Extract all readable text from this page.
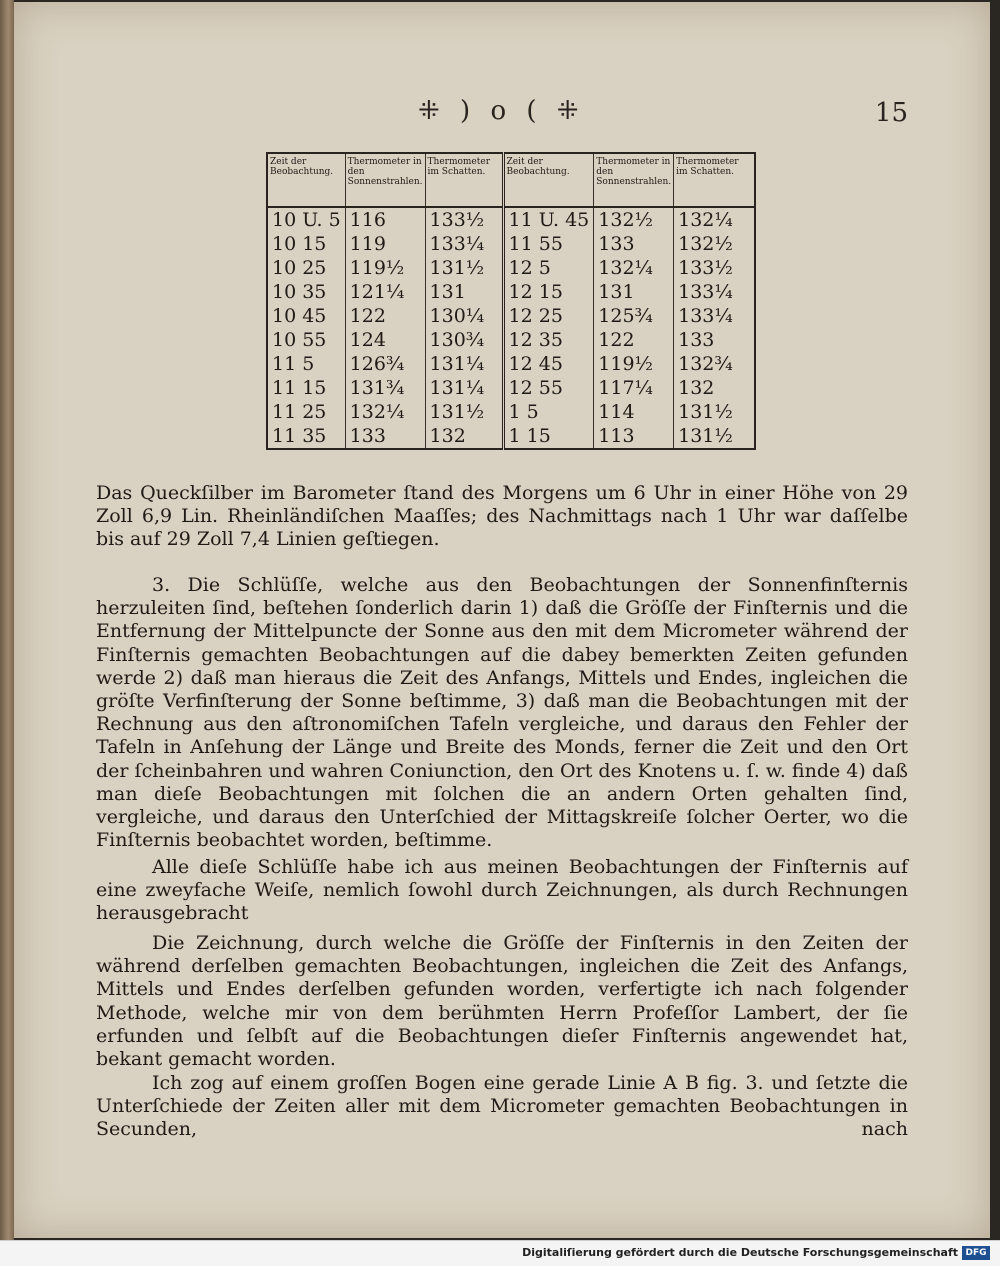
⁜ ) o ( ⁜	15
Zeit der Beobachtung.	Thermometer in den Sonnenstrahlen.	Thermometer im Schatten.	Zeit der Beobachtung.	Thermometer in den Sonnenstrahlen.	Thermometer im Schatten.
10 U. 5	116	133½	11 U. 45	132½	132¼
10 15	119	133¼	11 55	133	132½
10 25	119½	131½	12 5	132¼	133½
10 35	121¼	131	12 15	131	133¼
10 45	122	130¼	12 25	125¾	133¼
10 55	124	130¾	12 35	122	133
11 5	126¾	131¼	12 45	119½	132¾
11 15	131¾	131¼	12 55	117¼	132
11 25	132¼	131½	1 5	114	131½
11 35	133	132	1 15	113	131½
Das Queckſilber im Barometer ſtand des Morgens um 6 Uhr in einer Höhe von 29 Zoll 6,9 Lin. Rheinländiſchen Maaſſes; des Nachmittags nach 1 Uhr war daſſelbe bis auf 29 Zoll 7,4 Linien geſtiegen.
3. Die Schlüſſe, welche aus den Beobachtungen der Sonnenfinſternis herzuleiten ſind, beſtehen ſonderlich darin 1) daß die Gröſſe der Finſternis und die Entfernung der Mittelpuncte der Sonne aus den mit dem Micrometer während der Finſternis gemachten Beobachtungen auf die dabey bemerkten Zeiten gefunden werde 2) daß man hieraus die Zeit des Anfangs, Mittels und Endes, ingleichen die gröſte Verfinſterung der Sonne beſtimme, 3) daß man die Beobachtungen mit der Rechnung aus den aſtronomiſchen Tafeln vergleiche, und daraus den Fehler der Tafeln in Anſehung der Länge und Breite des Monds, ferner die Zeit und den Ort der ſcheinbahren und wahren Coniunction, den Ort des Knotens u. ſ. w. finde 4) daß man dieſe Beobachtungen mit ſolchen die an andern Orten gehalten ſind, vergleiche, und daraus den Unterſchied der Mittagskreiſe ſolcher Oerter, wo die Finſternis beobachtet worden, beſtimme.
Alle dieſe Schlüſſe habe ich aus meinen Beobachtungen der Finſternis auf eine zweyfache Weiſe, nemlich ſowohl durch Zeichnungen, als durch Rechnungen herausgebracht
Die Zeichnung, durch welche die Gröſſe der Finſternis in den Zeiten der während derſelben gemachten Beobachtungen, ingleichen die Zeit des Anfangs, Mittels und Endes derſelben gefunden worden, verfertigte ich nach folgender Methode, welche mir von dem berühmten Herrn Profeſſor Lambert, der ſie erfunden und ſelbſt auf die Beobachtungen dieſer Finſternis angewendet hat, bekant gemacht worden.
Ich zog auf einem groſſen Bogen eine gerade Linie A B fig. 3. und ſetzte die Unterſchiede der Zeiten aller mit dem Micrometer gemachten Beobachtungen in Secunden,	nach
Digitaliſierung gefördert durch die Deutsche Forschungsgemeinschaft DFG
